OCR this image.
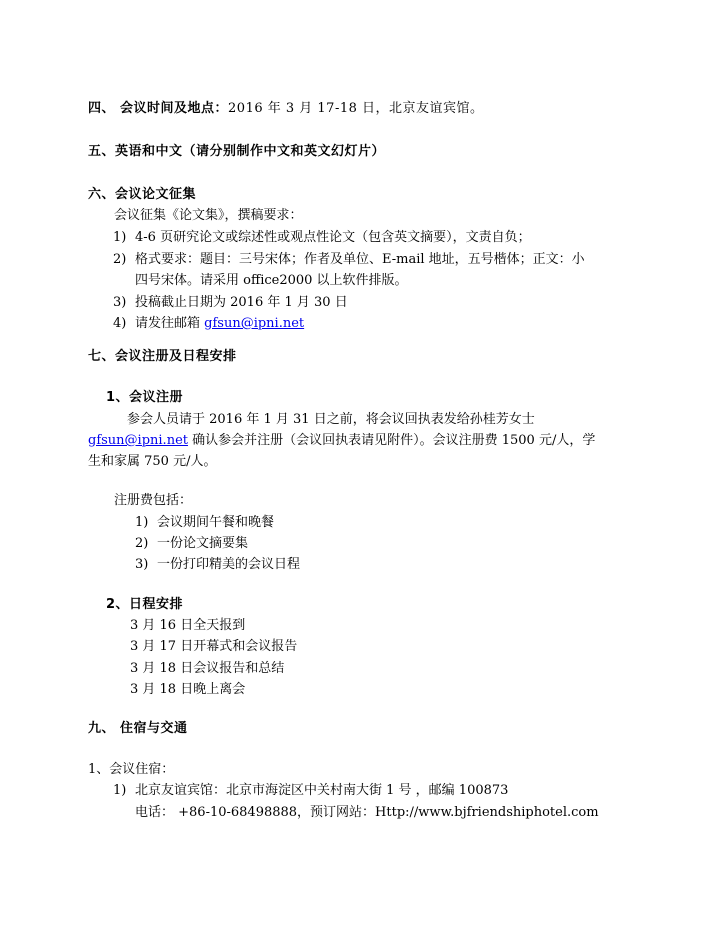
四、 会议时间及地点：2016 年 3 月 17-18 日，北京友谊宾馆。
五、英语和中文（请分别制作中文和英文幻灯片）
六、会议论文征集
会议征集《论文集》，撰稿要求：
1) 4-6 页研究论文或综述性或观点性论文（包含英文摘要），文责自负；
2) 格式要求：题目：三号宋体；作者及单位、E-mail 地址，五号楷体；正文：小
四号宋体。请采用 office2000 以上软件排版。
3) 投稿截止日期为 2016 年 1 月 30 日
4) 请发往邮箱 gfsun@ipni.net
七、会议注册及日程安排
1、会议注册
参会人员请于 2016 年 1 月 31 日之前，将会议回执表发给孙桂芳女士
gfsun@ipni.net 确认参会并注册（会议回执表请见附件）。会议注册费 1500 元/人，学
生和家属 750 元/人。
注册费包括：
1) 会议期间午餐和晚餐
2) 一份论文摘要集
3) 一份打印精美的会议日程
2、日程安排
3 月 16 日全天报到
3 月 17 日开幕式和会议报告
3 月 18 日会议报告和总结
3 月 18 日晚上离会
九、 住宿与交通
1、会议住宿：
1) 北京友谊宾馆：北京市海淀区中关村南大街 1 号 ，邮编 100873
电话： +86-10-68498888，预订网站：Http://www.bjfriendshiphotel.com
